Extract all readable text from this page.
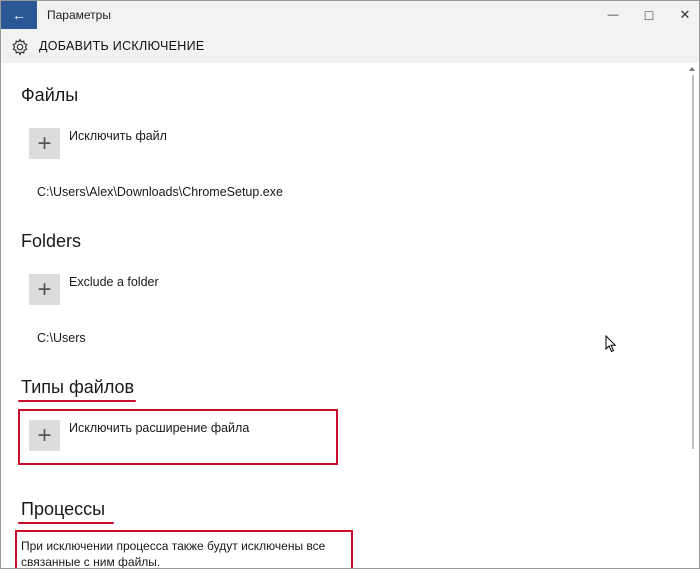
← Параметры	— □ ✕
ДОБАВИТЬ ИСКЛЮЧЕНИЕ
Файлы
+ Исключить файл
C:\Users\Alex\Downloads\ChromeSetup.exe
Folders
+ Exclude a folder
C:\Users
Типы файлов
+ Исключить расширение файла
Процессы
При исключении процесса также будут исключены все связанные с ним файлы.
